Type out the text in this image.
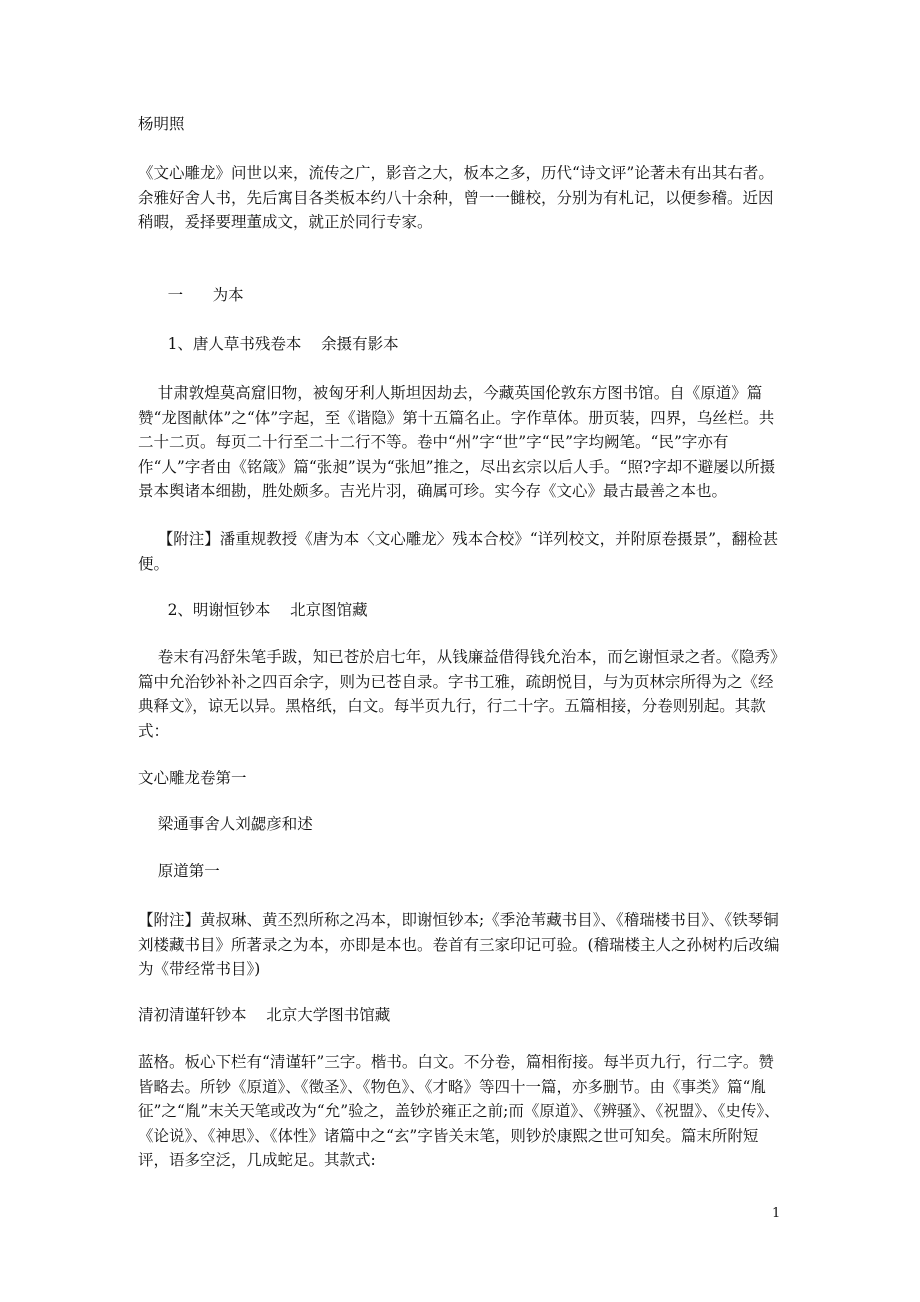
杨明照

《文心雕龙》问世以来，流传之广，影音之大，板本之多，历代“诗文评”论著未有出其右者。余雅好舍人书，先后寓目各类板本约八十余种，曾一一雠校，分别为有札记，以便参稽。近因稍暇，爰择要理董成文，就正於同行专家。

一      为本

1、唐人草书残卷本    余摄有影本

甘肃敦煌莫高窟旧物，被匈牙利人斯坦因劫去，今藏英国伦敦东方图书馆。自《原道》篇赞“龙图献体”之“体”字起，至《谐隐》第十五篇名止。字作草体。册页装，四界，乌丝栏。共二十二页。每页二十行至二十二行不等。卷中“州”字“世”字“民”字均阙笔。“民”字亦有作“人”字者由《铭箴》篇“张昶”误为“张旭”推之，尽出玄宗以后人手。“照?字却不避屡以所摄景本舆诸本细勘，胜处颇多。吉光片羽，确属可珍。实今存《文心》最古最善之本也。

【附注】潘重规教授《唐为本〈文心雕龙〉残本合校》“详列校文，并附原卷摄景”，翻检甚便。

2、明谢恒钞本    北京图馆藏

卷末有冯舒朱笔手跋，知已苍於启七年，从钱廉益借得钱允治本，而乞谢恒录之者。《隐秀》篇中允治钞补补之四百余字，则为已苍自录。字书工雅，疏朗悦目，与为页林宗所得为之《经典释文》，谅无以异。黑格纸，白文。每半页九行，行二十字。五篇相接，分卷则别起。其款式：

文心雕龙卷第一

梁通事舍人刘勰彦和述

原道第一

【附注】黄叔琳、黄丕烈所称之冯本，即谢恒钞本;《季沧苇藏书目》、《稽瑞楼书目》、《铁琴铜刘楼藏书目》所著录之为本，亦即是本也。卷首有三家印记可验。(稽瑞楼主人之孙树杓后改编为《带经常书目》)

清初清谨轩钞本    北京大学图书馆藏

蓝格。板心下栏有“清谨轩”三字。楷书。白文。不分卷，篇相衔接。每半页九行，行二字。赞皆略去。所钞《原道》、《徵圣》、《物色》、《才略》等四十一篇，亦多删节。由《事类》篇“胤征”之“胤”末关天笔或改为“允”验之，盖钞於雍正之前;而《原道》、《辨骚》、《祝盟》、《史传》、《论说》、《神思》、《体性》诸篇中之“玄”字皆关末笔，则钞於康熙之世可知矣。篇末所附短评，语多空泛，几成蛇足。其款式:

1
